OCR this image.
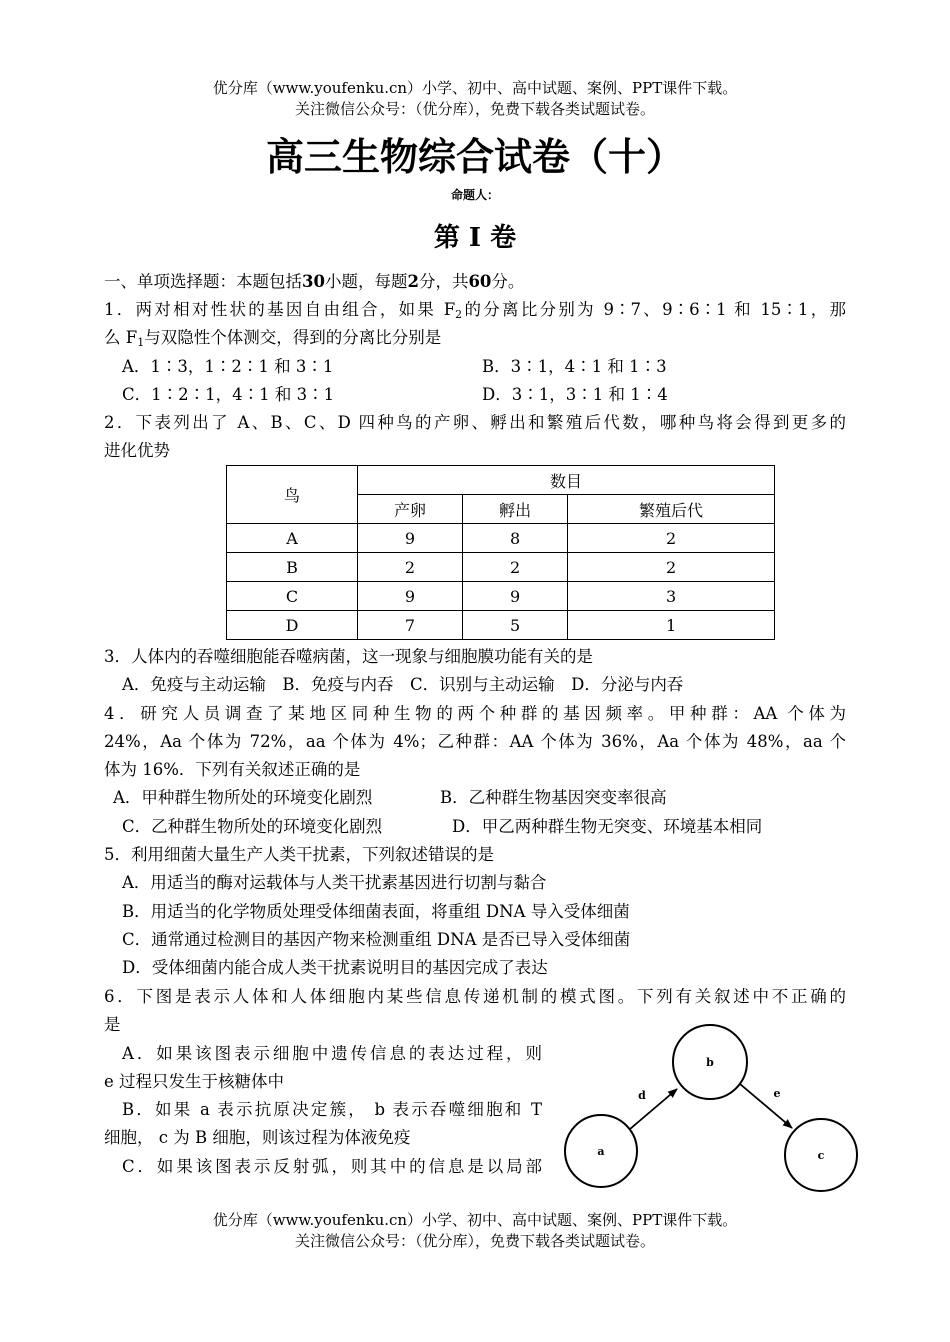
优分库（www.youfenku.cn）小学、初中、高中试题、案例、PPT课件下载。
关注微信公众号：（优分库），免费下载各类试题试卷。
高三生物综合试卷（十）
命题人：
第 I 卷
一、单项选择题：本题包括30小题，每题2分，共60分。
1．两对相对性状的基因自由组合，如果 $F_2$的分离比分别为 9∶7、9∶6∶1 和 15∶1，那
么 $F_1$与双隐性个体测交，得到的分离比分别是
A．1∶3，1∶2∶1 和 3∶1	B．3∶1，4∶1 和 1∶3
C．1∶2∶1，4∶1 和 3∶1	D．3∶1，3∶1 和 1∶4
2．下表列出了 A、B、C、D 四种鸟的产卵、孵出和繁殖后代数，哪种鸟将会得到更多的
进化优势
鸟	数目		
	产卵	孵出	繁殖后代
A	9	8	2
B	2	2	2
C	9	9	3
D	7	5	1
3．人体内的吞噬细胞能吞噬病菌，这一现象与细胞膜功能有关的是
A．免疫与主动运输　B．免疫与内吞　C．识别与主动运输　D．分泌与内吞
4．研究人员调查了某地区同种生物的两个种群的基因频率。甲种群：AA 个体为
24%，Aa 个体为 72%，aa 个体为 4%；乙种群：AA 个体为 36%，Aa 个体为 48%，aa 个
体为 16%．下列有关叙述正确的是
A．甲种群生物所处的环境变化剧烈	B．乙种群生物基因突变率很高
C．乙种群生物所处的环境变化剧烈	D．甲乙两种群生物无突变、环境基本相同
5．利用细菌大量生产人类干扰素，下列叙述错误的是
A．用适当的酶对运载体与人类干扰素基因进行切割与黏合
B．用适当的化学物质处理受体细菌表面，将重组 DNA 导入受体细菌
C．通常通过检测目的基因产物来检测重组 DNA 是否已导入受体细菌
D．受体细菌内能合成人类干扰素说明目的基因完成了表达
6．下图是表示人体和人体细胞内某些信息传递机制的模式图。下列有关叙述中不正确的
是
A．如果该图表示细胞中遗传信息的表达过程，则
e 过程只发生于核糖体中
B．如果 a 表示抗原决定簇， b 表示吞噬细胞和 T
细胞， c 为 B 细胞，则该过程为体液免疫
C．如果该图表示反射弧，则其中的信息是以局部
a
b
c
d	e
优分库（www.youfenku.cn）小学、初中、高中试题、案例、PPT课件下载。
关注微信公众号：（优分库），免费下载各类试题试卷。
